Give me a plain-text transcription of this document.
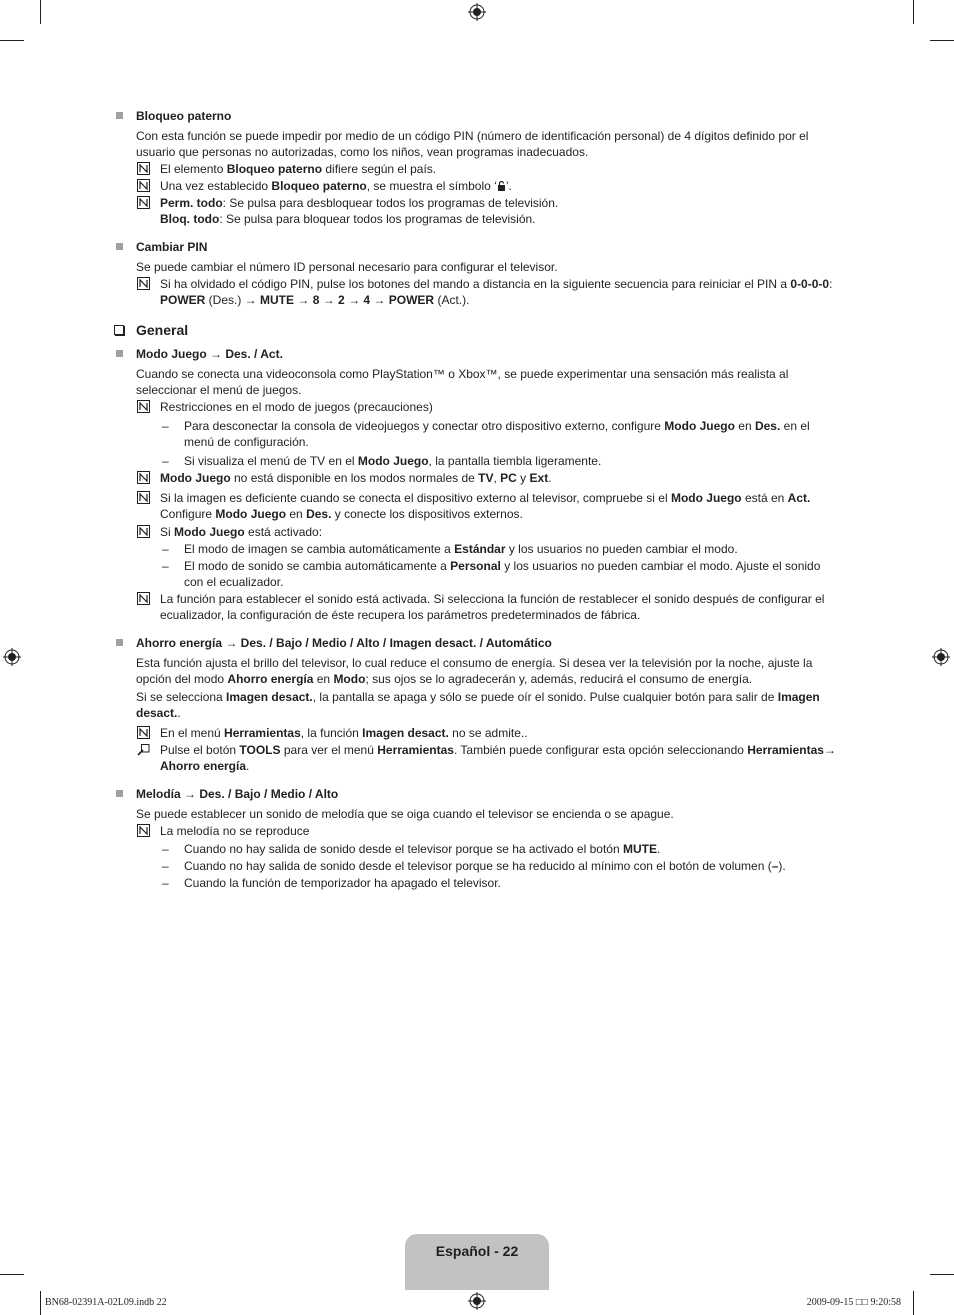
Bloqueo paterno
Con esta función se puede impedir por medio de un código PIN (número de identificación personal) de 4 dígitos definido por el usuario que personas no autorizadas, como los niños, vean programas inadecuados.
El elemento Bloqueo paterno difiere según el país.
Una vez establecido Bloqueo paterno, se muestra el símbolo ‘ ’.
Perm. todo: Se pulsa para desbloquear todos los programas de televisión.
Bloq. todo: Se pulsa para bloquear todos los programas de televisión.
Cambiar PIN
Se puede cambiar el número ID personal necesario para configurar el televisor.
Si ha olvidado el código PIN, pulse los botones del mando a distancia en la siguiente secuencia para reiniciar el PIN a 0-0-0-0: POWER (Des.) → MUTE → 8 → 2 → 4 → POWER (Act.).
General
Modo Juego → Des. / Act.
Cuando se conecta una videoconsola como PlayStation™ o Xbox™, se puede experimentar una sensación más realista al seleccionar el menú de juegos.
Restricciones en el modo de juegos (precauciones)
– Para desconectar la consola de videojuegos y conectar otro dispositivo externo, configure Modo Juego en Des. en el menú de configuración.
– Si visualiza el menú de TV en el Modo Juego, la pantalla tiembla ligeramente.
Modo Juego no está disponible en los modos normales de TV, PC y Ext.
Si la imagen es deficiente cuando se conecta el dispositivo externo al televisor, compruebe si el Modo Juego está en Act. Configure Modo Juego en Des. y conecte los dispositivos externos.
Si Modo Juego está activado:
– El modo de imagen se cambia automáticamente a Estándar y los usuarios no pueden cambiar el modo.
– El modo de sonido se cambia automáticamente a Personal y los usuarios no pueden cambiar el modo. Ajuste el sonido con el ecualizador.
La función para establecer el sonido está activada. Si selecciona la función de restablecer el sonido después de configurar el ecualizador, la configuración de éste recupera los parámetros predeterminados de fábrica.
Ahorro energía → Des. / Bajo / Medio / Alto / Imagen desact. / Automático
Esta función ajusta el brillo del televisor, lo cual reduce el consumo de energía. Si desea ver la televisión por la noche, ajuste la opción del modo Ahorro energía en Modo; sus ojos se lo agradecerán y, además, reducirá el consumo de energía.
Si se selecciona Imagen desact., la pantalla se apaga y sólo se puede oír el sonido. Pulse cualquier botón para salir de Imagen desact..
En el menú Herramientas, la función Imagen desact. no se admite..
Pulse el botón TOOLS para ver el menú Herramientas. También puede configurar esta opción seleccionando Herramientas→ Ahorro energía.
Melodía → Des. / Bajo / Medio / Alto
Se puede establecer un sonido de melodía que se oiga cuando el televisor se encienda o se apague.
La melodía no se reproduce
– Cuando no hay salida de sonido desde el televisor porque se ha activado el botón MUTE.
– Cuando no hay salida de sonido desde el televisor porque se ha reducido al mínimo con el botón de volumen (–).
– Cuando la función de temporizador ha apagado el televisor.
Español - 22
BN68-02391A-02L09.indb 22	2009-09-15 □□ 9:20:58
